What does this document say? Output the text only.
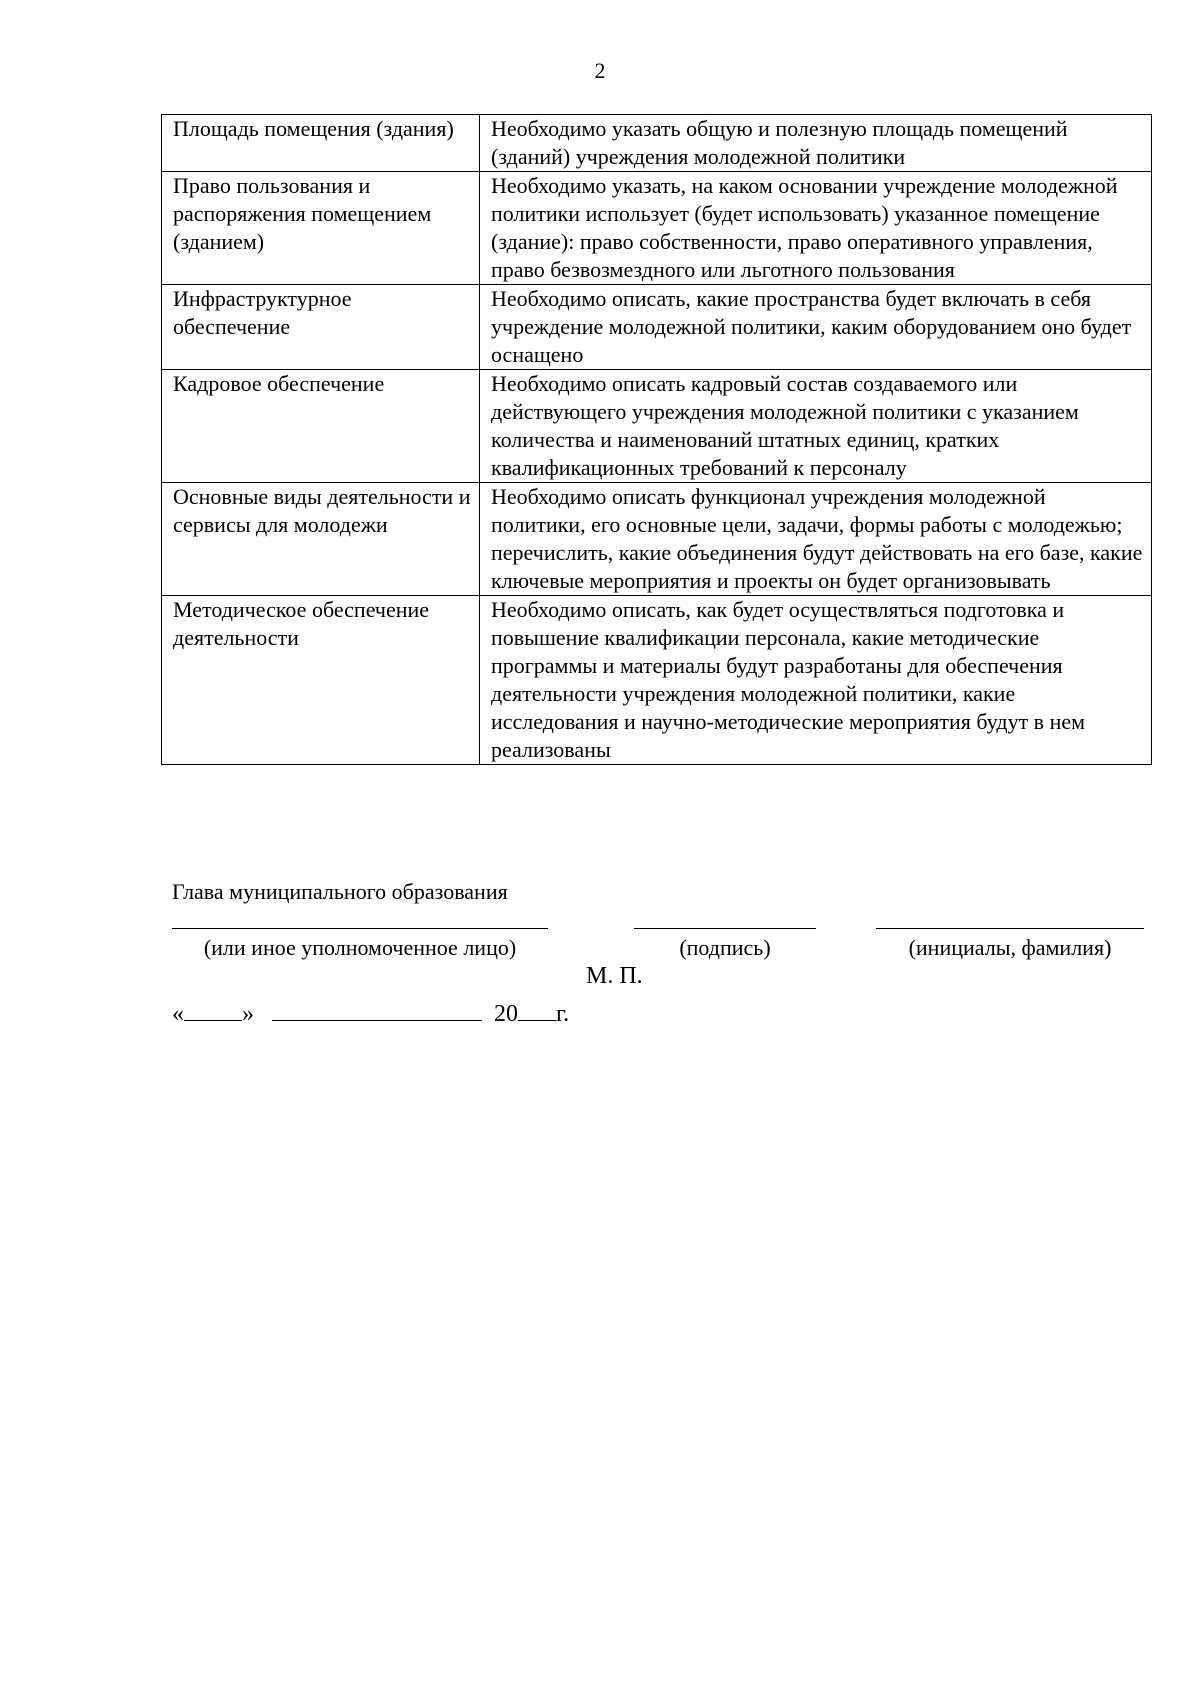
2
Площадь помещения (здания)	Необходимо указать общую и полезную площадь помещений (зданий) учреждения молодежной политики
Право пользования и распоряжения помещением (зданием)	Необходимо указать, на каком основании учреждение молодежной политики использует (будет использовать) указанное помещение (здание): право собственности, право оперативного управления, право безвозмездного или льготного пользования
Инфраструктурное обеспечение	Необходимо описать, какие пространства будет включать в себя учреждение молодежной политики, каким оборудованием оно будет оснащено
Кадровое обеспечение	Необходимо описать кадровый состав создаваемого или действующего учреждения молодежной политики с указанием количества и наименований штатных единиц, кратких квалификационных требований к персоналу
Основные виды деятельности и сервисы для молодежи	Необходимо описать функционал учреждения молодежной политики, его основные цели, задачи, формы работы с молодежью; перечислить, какие объединения будут действовать на его базе, какие ключевые мероприятия и проекты он будет организовывать
Методическое обеспечение деятельности	Необходимо описать, как будет осуществляться подготовка и повышение квалификации персонала, какие методические программы и материалы будут разработаны для обеспечения деятельности учреждения молодежной политики, какие исследования и научно-методические мероприятия будут в нем реализованы
Глава муниципального образования
(или иное уполномоченное лицо)	(подпись)	(инициалы, фамилия)
М. П.
« »	20 г.
